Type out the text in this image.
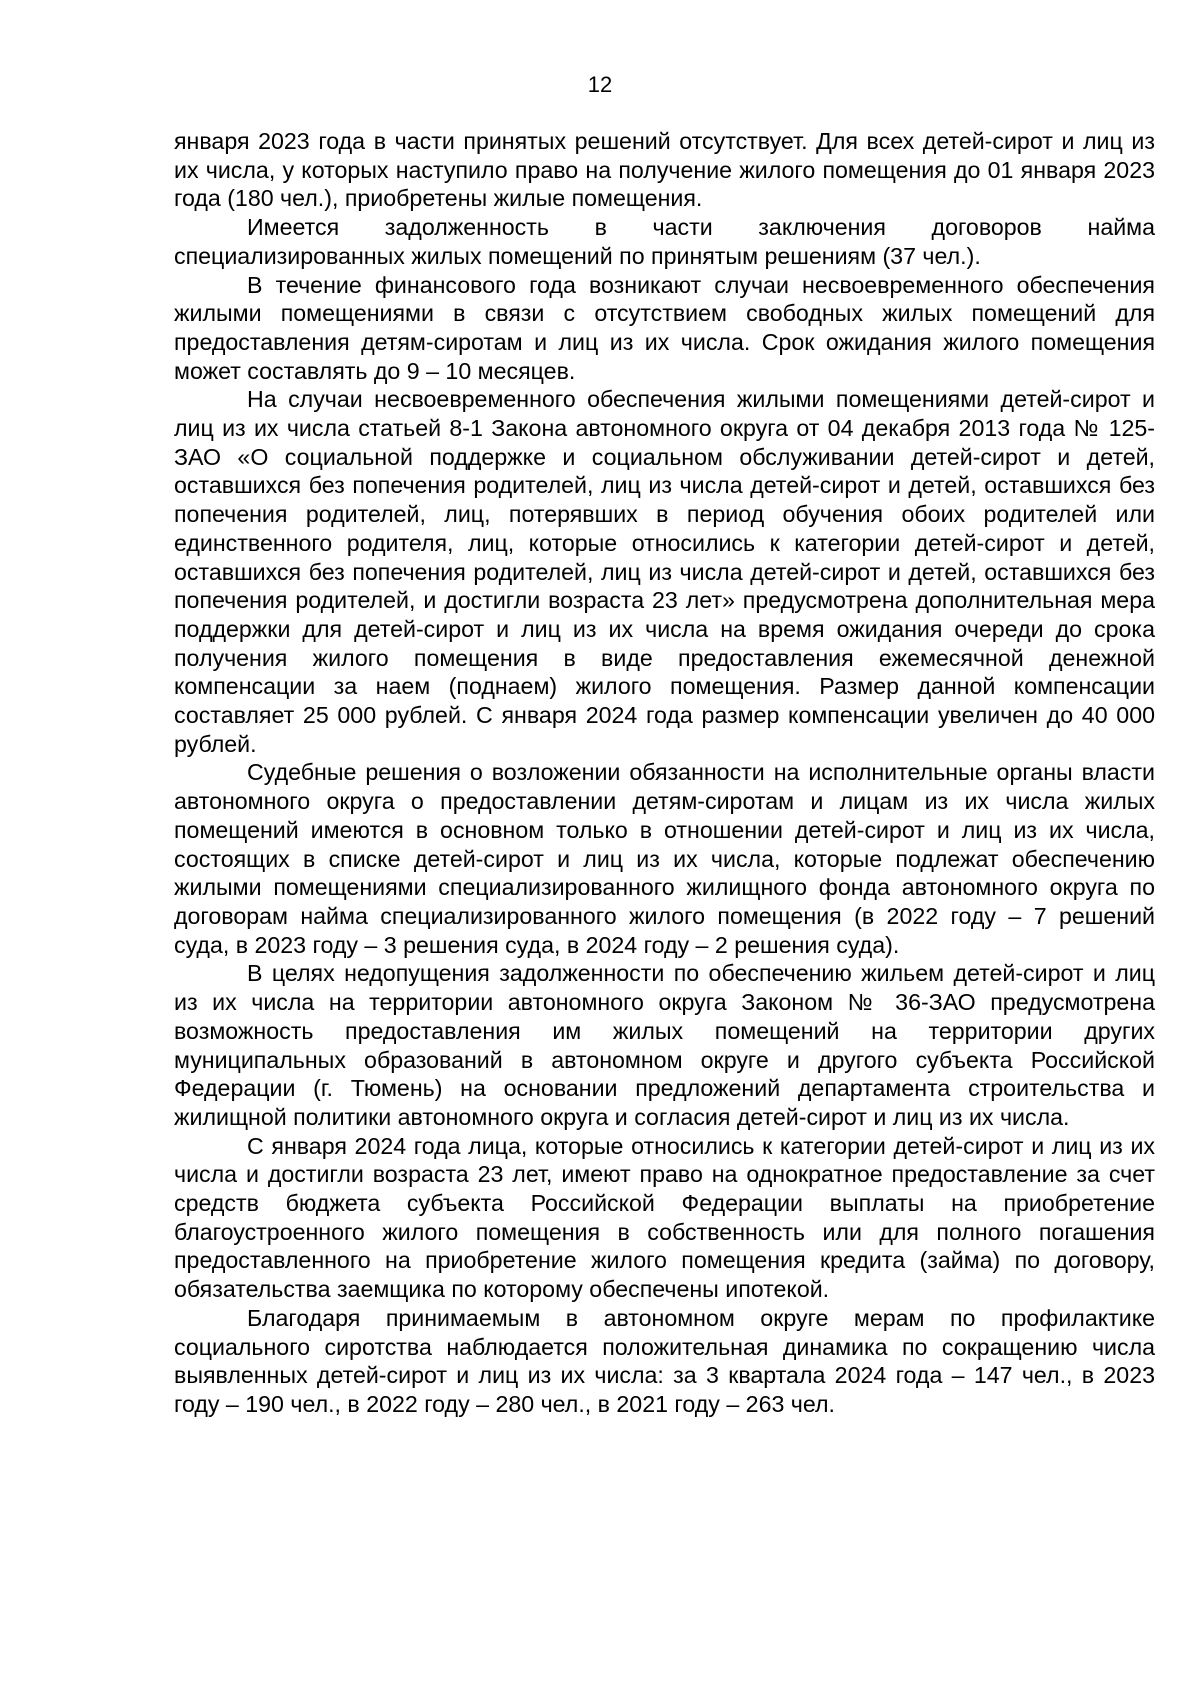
12

января 2023 года в части принятых решений отсутствует. Для всех детей-сирот и лиц из их числа, у которых наступило право на получение жилого помещения до 01 января 2023 года (180 чел.), приобретены жилые помещения.

Имеется задолженность в части заключения договоров найма специализированных жилых помещений по принятым решениям (37 чел.).

В течение финансового года возникают случаи несвоевременного обеспечения жилыми помещениями в связи с отсутствием свободных жилых помещений для предоставления детям-сиротам и лиц из их числа. Срок ожидания жилого помещения может составлять до 9 – 10 месяцев.

На случаи несвоевременного обеспечения жилыми помещениями детей-сирот и лиц из их числа статьей 8-1 Закона автономного округа от 04 декабря 2013 года № 125-ЗАО «О социальной поддержке и социальном обслуживании детей-сирот и детей, оставшихся без попечения родителей, лиц из числа детей-сирот и детей, оставшихся без попечения родителей, лиц, потерявших в период обучения обоих родителей или единственного родителя, лиц, которые относились к категории детей-сирот и детей, оставшихся без попечения родителей, лиц из числа детей-сирот и детей, оставшихся без попечения родителей, и достигли возраста 23 лет» предусмотрена дополнительная мера поддержки для детей-сирот и лиц из их числа на время ожидания очереди до срока получения жилого помещения в виде предоставления ежемесячной денежной компенсации за наем (поднаем) жилого помещения. Размер данной компенсации составляет 25 000 рублей. С января 2024 года размер компенсации увеличен до 40 000 рублей.

Судебные решения о возложении обязанности на исполнительные органы власти автономного округа о предоставлении детям-сиротам и лицам из их числа жилых помещений имеются в основном только в отношении детей-сирот и лиц из их числа, состоящих в списке детей-сирот и лиц из их числа, которые подлежат обеспечению жилыми помещениями специализированного жилищного фонда автономного округа по договорам найма специализированного жилого помещения (в 2022 году – 7 решений суда, в 2023 году – 3 решения суда, в 2024 году – 2 решения суда).

В целях недопущения задолженности по обеспечению жильем детей-сирот и лиц из их числа на территории автономного округа Законом № 36-ЗАО предусмотрена возможность предоставления им жилых помещений на территории других муниципальных образований в автономном округе и другого субъекта Российской Федерации (г. Тюмень) на основании предложений департамента строительства и жилищной политики автономного округа и согласия детей-сирот и лиц из их числа.

С января 2024 года лица, которые относились к категории детей-сирот и лиц из их числа и достигли возраста 23 лет, имеют право на однократное предоставление за счет средств бюджета субъекта Российской Федерации выплаты на приобретение благоустроенного жилого помещения в собственность или для полного погашения предоставленного на приобретение жилого помещения кредита (займа) по договору, обязательства заемщика по которому обеспечены ипотекой.

Благодаря принимаемым в автономном округе мерам по профилактике социального сиротства наблюдается положительная динамика по сокращению числа выявленных детей-сирот и лиц из их числа: за 3 квартала 2024 года – 147 чел., в 2023 году – 190 чел., в 2022 году – 280 чел., в 2021 году – 263 чел.
